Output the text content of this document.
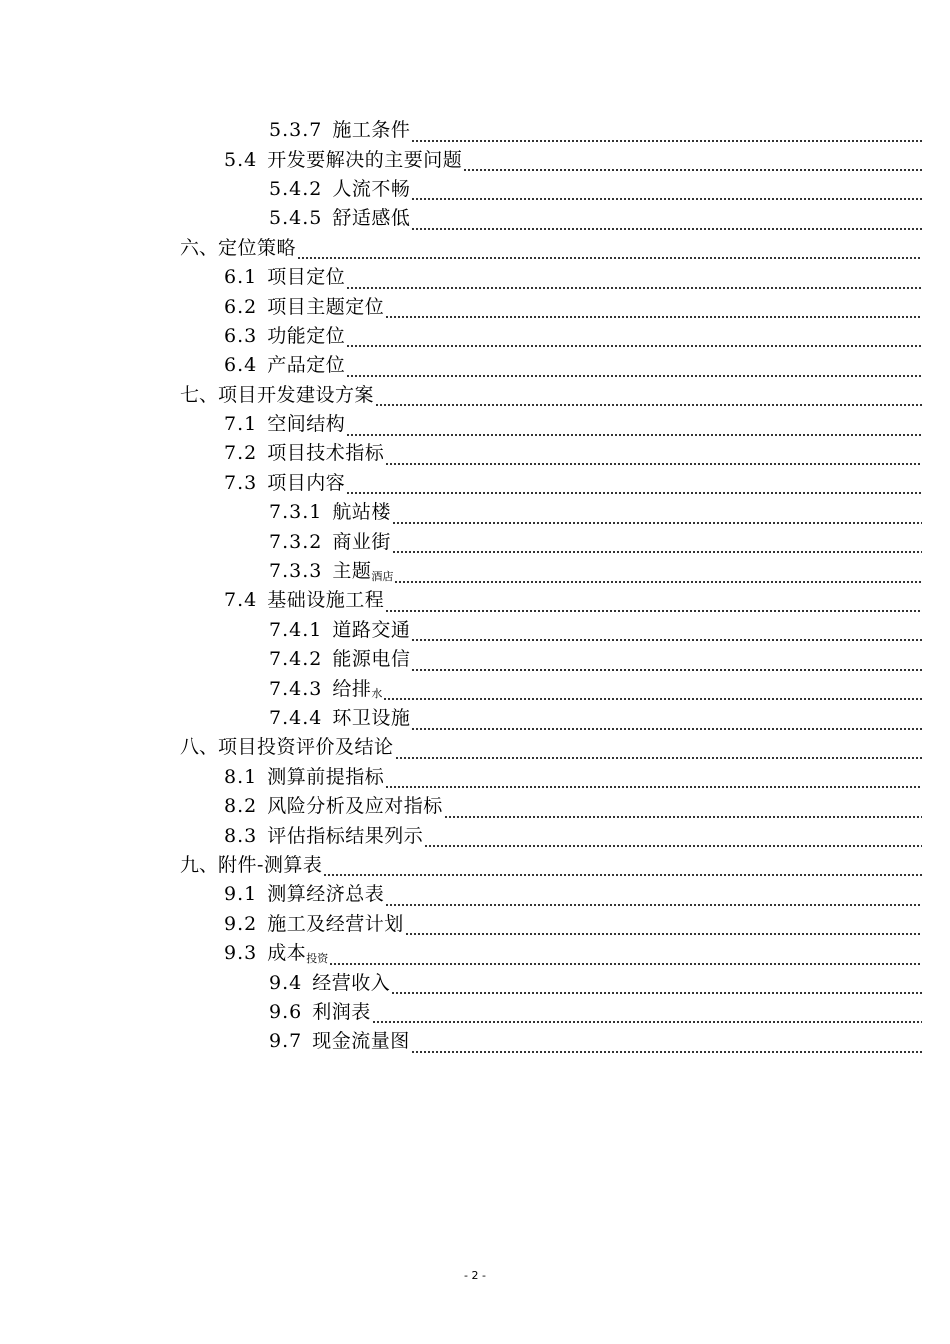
5.3.7 施工条件
5.4 开发要解决的主要问题
5.4.2 人流不畅
5.4.5 舒适感低
六、 定位策略
6.1 项目定位
6.2 项目主题定位
6.3 功能定位
6.4 产品定位
七、 项目开发建设方案
7.1 空间结构
7.2 项目技术指标
7.3 项目内容
7.3.1 航站楼
7.3.2 商业街
7.3.3 主题 酒店
7.4 基础设施工程
7.4.1 道路交通
7.4.2 能源电信
7.4.3 给排 水
7.4.4 环卫设施
八、 项目投资评价及结论
8.1 测算前提指标
8.2 风险分析及应对指标
8.3 评估指标结果列示
九、 附件-测算表
9.1 测算经济总表
9.2 施工及经营计划
9.3 成本 投资
9.4 经营收入
9.6 利润表
9.7 现金流量图
- 2 -
